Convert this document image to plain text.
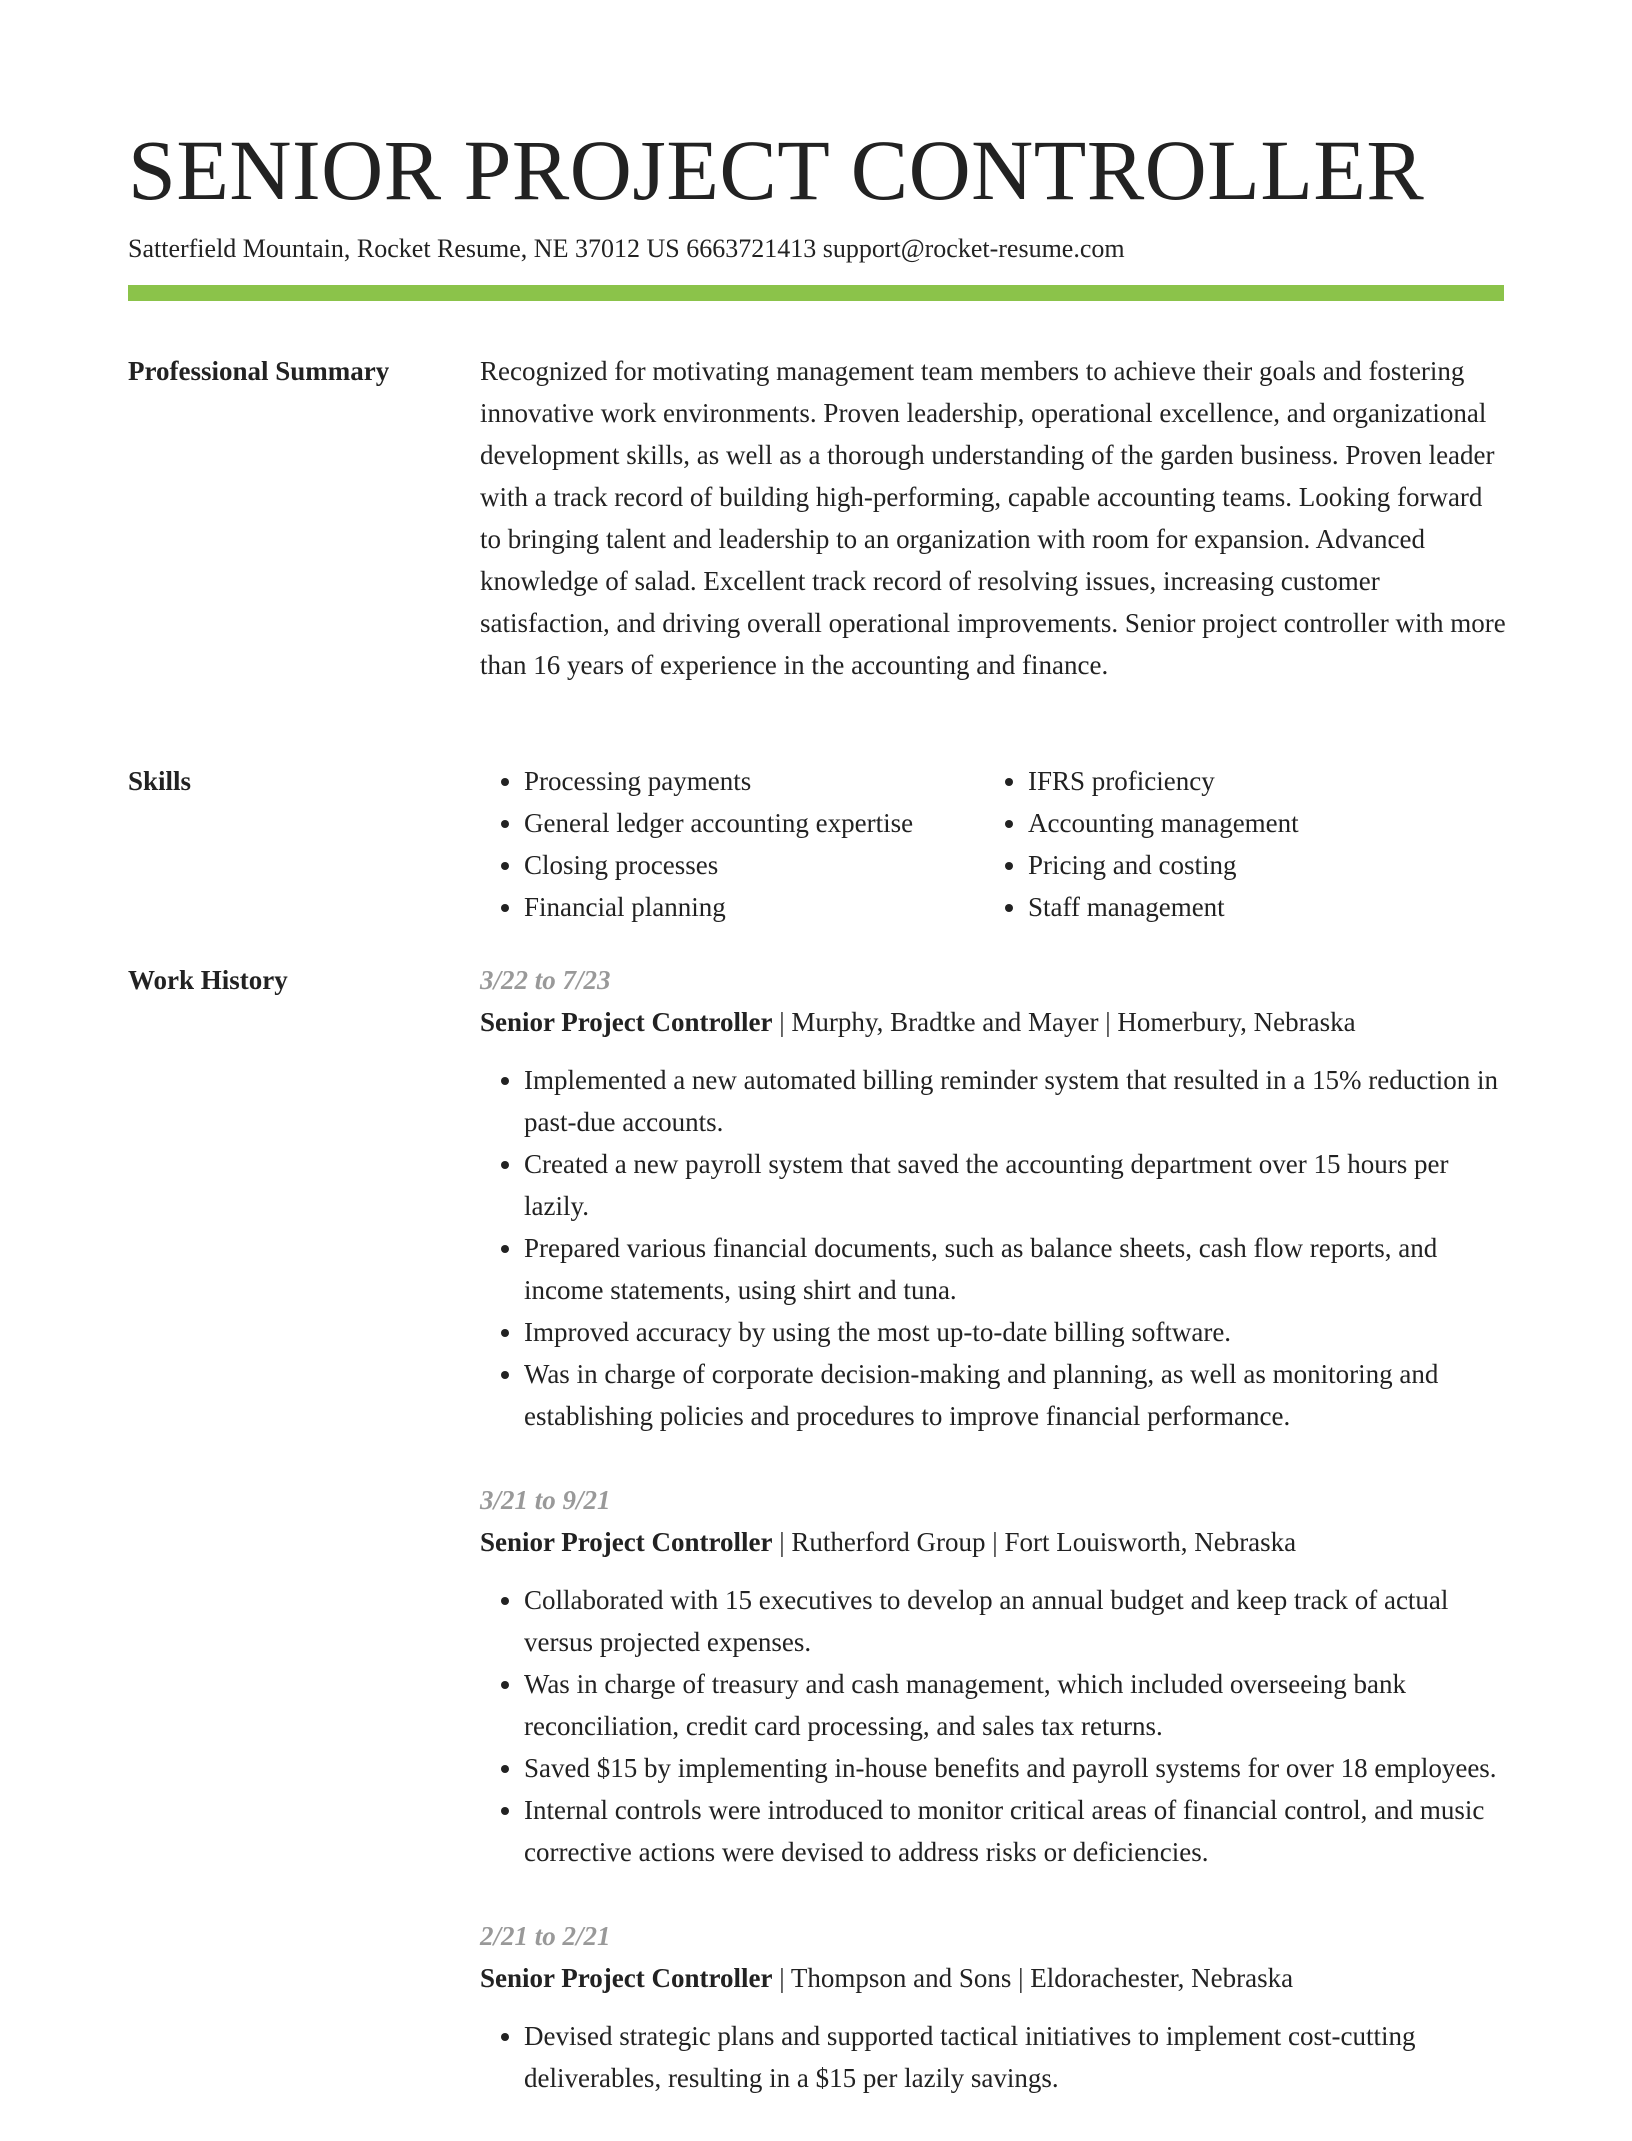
SENIOR PROJECT CONTROLLER
Satterfield Mountain, Rocket Resume, NE 37012 US 6663721413 support@rocket-resume.com
Professional Summary	Recognized for motivating management team members to achieve their goals and fostering innovative work environments. Proven leadership, operational excellence, and organizational development skills, as well as a thorough understanding of the garden business. Proven leader with a track record of building high-performing, capable accounting teams. Looking forward to bringing talent and leadership to an organization with room for expansion. Advanced knowledge of salad. Excellent track record of resolving issues, increasing customer satisfaction, and driving overall operational improvements. Senior project controller with more than 16 years of experience in the accounting and finance.

Skills
•	Processing payments
• General ledger accounting expertise
• Closing processes
• Financial planning
• IFRS proficiency
• Accounting management
• Pricing and costing
• Staff management
Work History	3/22 to 7/23
Senior Project Controller | Murphy, Bradtke and Mayer | Homerbury, Nebraska
• Implemented a new automated billing reminder system that resulted in a 15% reduction in past-due accounts.
• Created a new payroll system that saved the accounting department over 15 hours per lazily.
• Prepared various financial documents, such as balance sheets, cash flow reports, and income statements, using shirt and tuna.
• Improved accuracy by using the most up-to-date billing software.
• Was in charge of corporate decision-making and planning, as well as monitoring and establishing policies and procedures to improve financial performance.
3/21 to 9/21
Senior Project Controller | Rutherford Group | Fort Louisworth, Nebraska
• Collaborated with 15 executives to develop an annual budget and keep track of actual versus projected expenses.
• Was in charge of treasury and cash management, which included overseeing bank reconciliation, credit card processing, and sales tax returns.
• Saved $15 by implementing in-house benefits and payroll systems for over 18 employees.
• Internal controls were introduced to monitor critical areas of financial control, and music corrective actions were devised to address risks or deficiencies.
2/21 to 2/21
Senior Project Controller | Thompson and Sons | Eldorachester, Nebraska
• Devised strategic plans and supported tactical initiatives to implement cost-cutting deliverables, resulting in a $15 per lazily savings.
